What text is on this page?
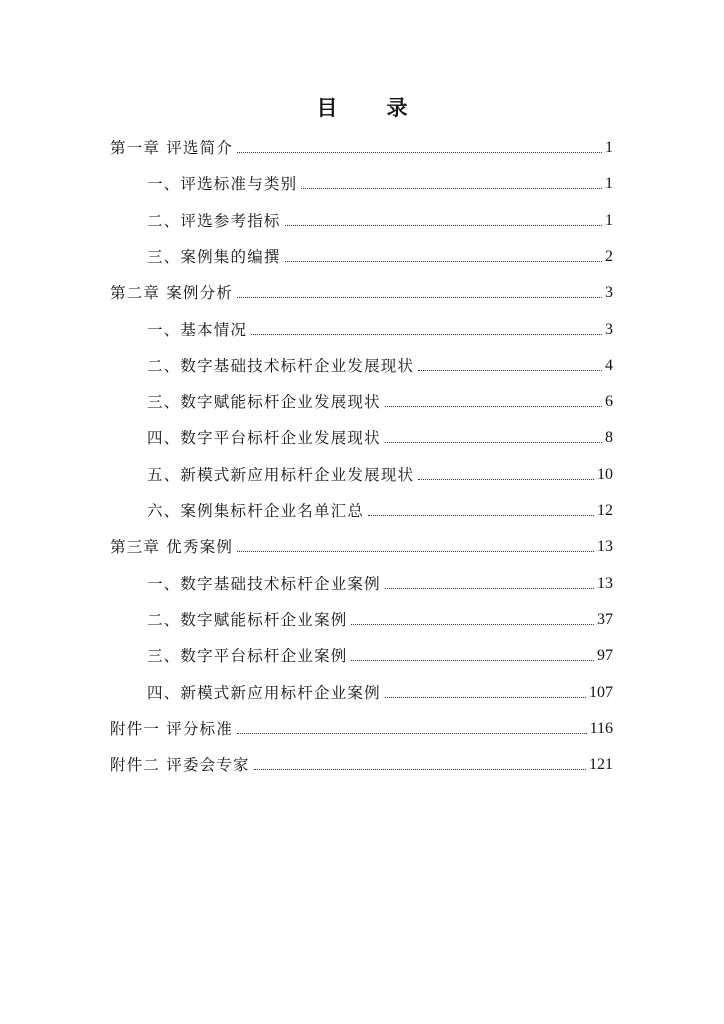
目　录
第一章 评选简介	1
一、评选标准与类别	1
二、评选参考指标	1
三、案例集的编撰	2
第二章 案例分析	3
一、基本情况	3
二、数字基础技术标杆企业发展现状	4
三、数字赋能标杆企业发展现状	6
四、数字平台标杆企业发展现状	8
五、新模式新应用标杆企业发展现状	10
六、案例集标杆企业名单汇总	12
第三章 优秀案例	13
一、数字基础技术标杆企业案例	13
二、数字赋能标杆企业案例	37
三、数字平台标杆企业案例	97
四、新模式新应用标杆企业案例	107
附件一 评分标准	116
附件二 评委会专家	121
